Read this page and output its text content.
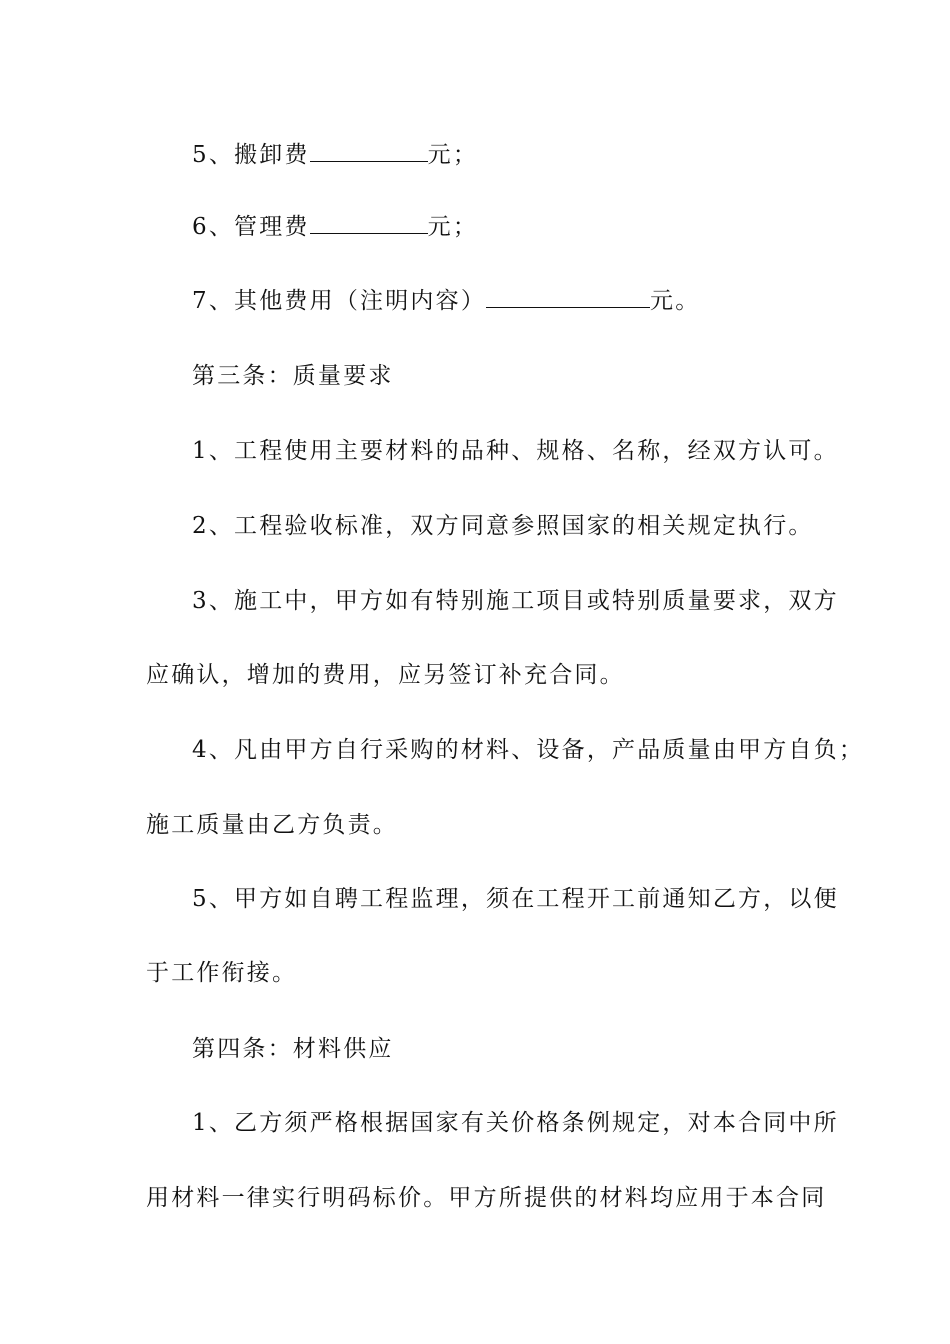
5、搬卸费	元；
6、管理费	元；
7、其他费用（注明内容）	元。
第三条：质量要求
1、工程使用主要材料的品种、规格、名称，经双方认可。
2、工程验收标准，双方同意参照国家的相关规定执行。
3、施工中，甲方如有特别施工项目或特别质量要求，双方
应确认，增加的费用，应另签订补充合同。
4、凡由甲方自行采购的材料、设备，产品质量由甲方自负；
施工质量由乙方负责。
5、甲方如自聘工程监理，须在工程开工前通知乙方，以便
于工作衔接。
第四条：材料供应
1、乙方须严格根据国家有关价格条例规定，对本合同中所
用材料一律实行明码标价。甲方所提供的材料均应用于本合同
